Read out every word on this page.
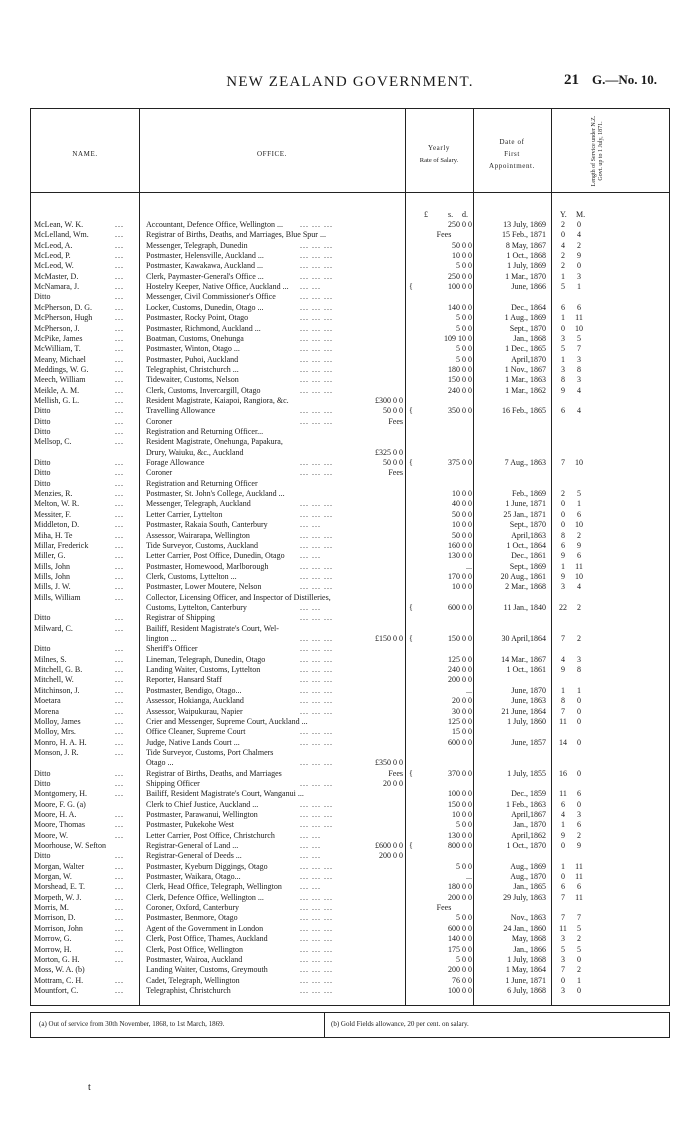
NEW ZEALAND GOVERNMENT.	21 G.—No. 10.
NAME.	OFFICE.
Yearly
Rate of Salary.
Date of
First
Appointment.	Length of Service under N.Z. Govt. up to 1 July, 1871.
£	s. d.	Y. M.
McLean, W. K.	...	Accountant, Defence Office, Wellington ... ... ... ...	250 0 0	13 July, 1869	2	0
McLelland, Wm.	...	Registrar of Births, Deaths, and Marriages, Blue Spur ...	Fees	15 Feb., 1871	0	4
McLeod, A.	...	Messenger, Telegraph, Dunedin	... ... ...	50 0 0	8 May, 1867	4	2
McLeod, P.	...	Postmaster, Helensville, Auckland ...	... ... ...	10 0 0	1 Oct., 1868	2	9
McLeod, W.	...	Postmaster, Kawakawa, Auckland ...	... ... ...	5 0 0	1 July, 1869	2	0
McMaster, D.	...	Clerk, Paymaster-General's Office ...	... ... ...	250 0 0	1 Mar., 1870	1	3
McNamara, J.	...	Hostelry Keeper, Native Office, Auckland ... ... ...	{	100 0 0	June, 1866	5	1
Ditto	...	Messenger, Civil Commissioner's Office	... ... ...
McPherson, D. G.	...	Locker, Customs, Dunedin, Otago ...	... ... ...	140 0 0	Dec., 1864	6	6
McPherson, Hugh	...	Postmaster, Rocky Point, Otago	... ... ...	5 0 0	1 Aug., 1869	1	11
McPherson, J.	...	Postmaster, Richmond, Auckland ...	... ... ...	5 0 0	Sept., 1870	0	10
McPike, James	...	Boatman, Customs, Onehunga	... ... ...	109 10 0	Jan., 1868	3	5
McWilliam, T.	...	Postmaster, Winton, Otago ...	... ... ...	5 0 0	1 Dec., 1865	5	7
Meany, Michael	...	Postmaster, Puhoi, Auckland	... ... ...	5 0 0	April,1870	1	3
Meddings, W. G.	...	Telegraphist, Christchurch ...	... ... ...	180 0 0	1 Nov., 1867	3	8
Meech, William	...	Tidewaiter, Customs, Nelson	... ... ...	150 0 0	1 Mar., 1863	8	3
Meikle, A. M.	...	Clerk, Customs, Invercargill, Otago	... ... ...	240 0 0	1 Mar., 1862	9	4
Mellish, G. L.	...	Resident Magistrate, Kaiapoi, Rangiora, &c.	£300 0 0
Ditto	...	Travelling Allowance	... ... ...	50 0 0 {	350 0 0	16 Feb., 1865	6	4
Ditto	...	Coroner	... ... ...	Fees
Ditto	...	Registration and Returning Officer...
Mellsop, C.	...	Resident Magistrate, Onehunga, Papakura,
Drury, Waiuku, &c., Auckland	£325 0 0
Ditto	...	Forage Allowance	... ... ...	50 0 0 {	375 0 0	7 Aug., 1863	7	10
Ditto	...	Coroner	... ... ...	Fees
Ditto	...	Registration and Returning Officer
Menzies, R.	...	Postmaster, St. John's College, Auckland ...	10 0 0	Feb., 1869	2	5
Melton, W. R.	...	Messenger, Telegraph, Auckland	... ... ...	40 0 0	1 June, 1871	0	1
Messiter, F.	...	Letter Carrier, Lyttelton	... ... ...	50 0 0	25 Jan., 1871	0	6
Middleton, D.	...	Postmaster, Rakaia South, Canterbury	... ...	10 0 0	Sept., 1870	0	10
Miha, H. Te	...	Assessor, Wairarapa, Wellington	... ... ...	50 0 0	April,1863	8	2
Millar, Frederick	...	Tide Surveyor, Customs, Auckland	... ... ...	160 0 0	1 Oct., 1864	6	9
Miller, G.	...	Letter Carrier, Post Office, Dunedin, Otago ... ...	130 0 0	Dec., 1861	9	6
Mills, John	...	Postmaster, Homewood, Marlborough	... ... ...	...	Sept., 1869	1	11
Mills, John	...	Clerk, Customs, Lyttelton ...	... ... ...	170 0 0	20 Aug., 1861	9	10
Mills, J. W.	...	Postmaster, Lower Moutere, Nelson	... ... ...	10 0 0	2 Mar., 1868	3	4
Mills, William	...	Collector, Licensing Officer, and Inspector of Distilleries,
Customs, Lyttelton, Canterbury	... ...	{	600 0 0	11 Jan., 1840	22	2
Ditto	...	Registrar of Shipping	... ... ...
Milward, C.	...	Bailiff, Resident Magistrate's Court, Wel-
lington ...	... ... ...	£150 0 0 {	150 0 0	30 April,1864	7	2
Ditto	...	Sheriff's Officer	... ... ...
Milnes, S.	...	Lineman, Telegraph, Dunedin, Otago	... ... ...	125 0 0	14 Mar., 1867	4	3
Mitchell, G. B.	...	Landing Waiter, Customs, Lyttelton	... ... ...	240 0 0	1 Oct., 1861	9	8
Mitchell, W.	...	Reporter, Hansard Staff	... ... ...	200 0 0
Mitchinson, J.	...	Postmaster, Bendigo, Otago...	... ... ...	...	June, 1870	1	1
Moetara	...	Assessor, Hokianga, Auckland	... ... ...	20 0 0	June, 1863	8	0
Morena	...	Assessor, Waipukurau, Napier	... ... ...	30 0 0	21 June, 1864	7	0
Molloy, James	...	Crier and Messenger, Supreme Court, Auckland ...	125 0 0	1 July, 1860	11	0
Molloy, Mrs.	...	Office Cleaner, Supreme Court	... ... ...	15 0 0
Monro, H. A. H.	...	Judge, Native Lands Court ...	... ... ...	600 0 0	June, 1857	14	0
Monson, J. R.	...	Tide Surveyor, Customs, Port Chalmers
Otago ...	... ... ...	£350 0 0
Ditto	...	Registrar of Births, Deaths, and Marriages	Fees {	370 0 0	1 July, 1855	16	0
Ditto	...	Shipping Officer	... ... ...	20 0 0
Montgomery, H.	...	Bailiff, Resident Magistrate's Court, Wanganui ...	100 0 0	Dec., 1859	11	6
Moore, F. G. (a)	Clerk to Chief Justice, Auckland ...	... ... ...	150 0 0	1 Feb., 1863	6	0
Moore, H. A.	...	Postmaster, Parawanui, Wellington	... ... ...	10 0 0	April,1867	4	3
Moore, Thomas	...	Postmaster, Pukekohe West	... ... ...	5 0 0	Jan., 1870	1	6
Moore, W.	...	Letter Carrier, Post Office, Christchurch	... ...	130 0 0	April,1862	9	2
Moorhouse, W. Sefton	Registrar-General of Land ...	... ...	£600 0 0 {	800 0 0	1 Oct., 1870	0	9
Ditto	...	Registrar-General of Deeds ...	... ...	200 0 0
Morgan, Walter	...	Postmaster, Kyeburn Diggings, Otago	... ... ...	5 0 0	Aug., 1869	1	11
Morgan, W.	...	Postmaster, Waikara, Otago...	... ... ...	...	Aug., 1870	0	11
Morshead, E. T.	...	Clerk, Head Office, Telegraph, Wellington ... ...	180 0 0	Jan., 1865	6	6
Morpeth, W. J.	...	Clerk, Defence Office, Wellington ...	... ... ...	200 0 0	29 July, 1863	7	11
Morris, M.	...	Coroner, Oxford, Canterbury	... ... ...	Fees
Morrison, D.	...	Postmaster, Benmore, Otago	... ... ...	5 0 0	Nov., 1863	7	7
Morrison, John	...	Agent of the Government in London	... ... ...	600 0 0	24 Jan., 1860	11	5
Morrow, G.	...	Clerk, Post Office, Thames, Auckland	... ... ...	140 0 0	May, 1868	3	2
Morrow, H.	...	Clerk, Post Office, Wellington	... ... ...	175 0 0	Jan., 1866	5	5
Morton, G. H.	...	Postmaster, Wairoa, Auckland	... ... ...	5 0 0	1 July, 1868	3	0
Moss, W. A. (b)	Landing Waiter, Customs, Greymouth	... ... ...	200 0 0	1 May, 1864	7	2
Mottram, C. H.	...	Cadet, Telegraph, Wellington	... ... ...	76 0 0	1 June, 1871	0	1
Mountfort, C.	...	Telegraphist, Christchurch	... ... ...	100 0 0	6 July, 1868	3	0
(a) Out of service from 30th November, 1868, to 1st March, 1869.	(b) Gold Fields allowance, 20 per cent. on salary.
t
